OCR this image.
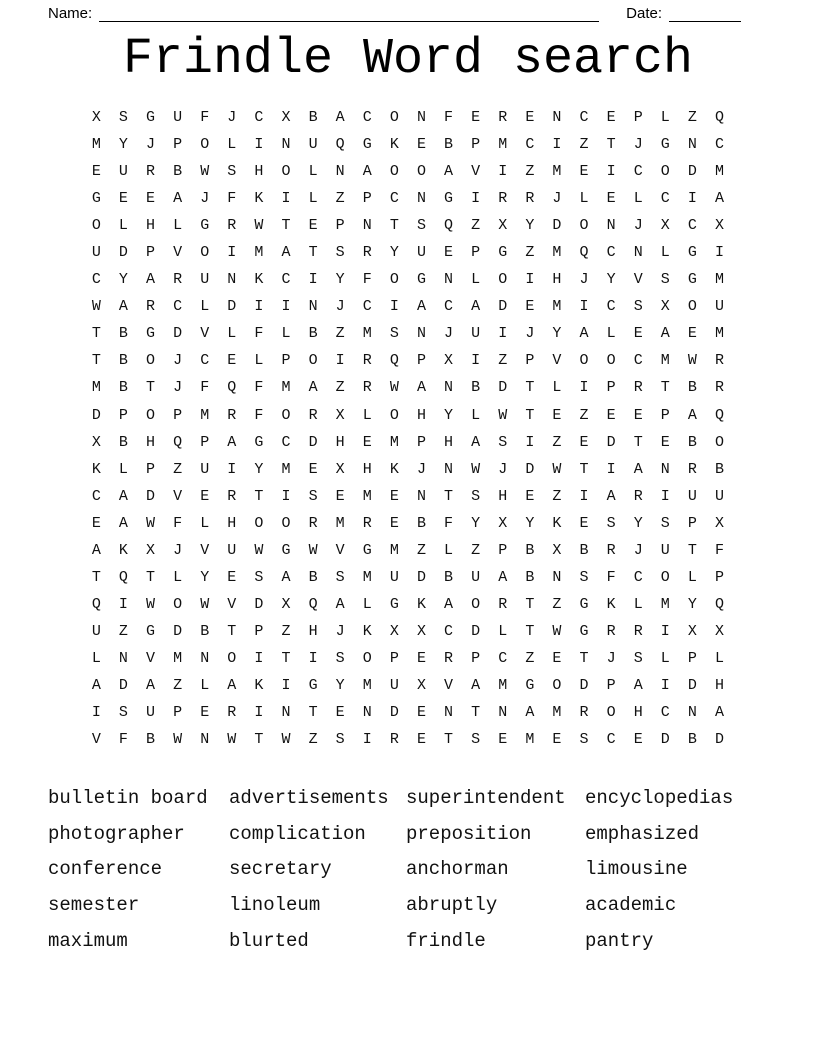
Name:	Date:
Frindle Word search
X	S	G	U	F	J	C	X	B	A	C	O	N	F	E	R	E	N	C	E	P	L	Z	Q
M	Y	J	P	O	L	I	N	U	Q	G	K	E	B	P	M	C	I	Z	T	J	G	N	C
E	U	R	B	W	S	H	O	L	N	A	O	O	A	V	I	Z	M	E	I	C	O	D	M
G	E	E	A	J	F	K	I	L	Z	P	C	N	G	I	R	R	J	L	E	L	C	I	A
O	L	H	L	G	R	W	T	E	P	N	T	S	Q	Z	X	Y	D	O	N	J	X	C	X
U	D	P	V	O	I	M	A	T	S	R	Y	U	E	P	G	Z	M	Q	C	N	L	G	I
C	Y	A	R	U	N	K	C	I	Y	F	O	G	N	L	O	I	H	J	Y	V	S	G	M
W	A	R	C	L	D	I	I	N	J	C	I	A	C	A	D	E	M	I	C	S	X	O	U
T	B	G	D	V	L	F	L	B	Z	M	S	N	J	U	I	J	Y	A	L	E	A	E	M
T	B	O	J	C	E	L	P	O	I	R	Q	P	X	I	Z	P	V	O	O	C	M	W	R
M	B	T	J	F	Q	F	M	A	Z	R	W	A	N	B	D	T	L	I	P	R	T	B	R
D	P	O	P	M	R	F	O	R	X	L	O	H	Y	L	W	T	E	Z	E	E	P	A	Q
X	B	H	Q	P	A	G	C	D	H	E	M	P	H	A	S	I	Z	E	D	T	E	B	O
K	L	P	Z	U	I	Y	M	E	X	H	K	J	N	W	J	D	W	T	I	A	N	R	B
C	A	D	V	E	R	T	I	S	E	M	E	N	T	S	H	E	Z	I	A	R	I	U	U
E	A	W	F	L	H	O	O	R	M	R	E	B	F	Y	X	Y	K	E	S	Y	S	P	X
A	K	X	J	V	U	W	G	W	V	G	M	Z	L	Z	P	B	X	B	R	J	U	T	F
T	Q	T	L	Y	E	S	A	B	S	M	U	D	B	U	A	B	N	S	F	C	O	L	P
Q	I	W	O	W	V	D	X	Q	A	L	G	K	A	O	R	T	Z	G	K	L	M	Y	Q
U	Z	G	D	B	T	P	Z	H	J	K	X	X	C	D	L	T	W	G	R	R	I	X	X
L	N	V	M	N	O	I	T	I	S	O	P	E	R	P	C	Z	E	T	J	S	L	P	L
A	D	A	Z	L	A	K	I	G	Y	M	U	X	V	A	M	G	O	D	P	A	I	D	H
I	S	U	P	E	R	I	N	T	E	N	D	E	N	T	N	A	M	R	O	H	C	N	A
V	F	B	W	N	W	T	W	Z	S	I	R	E	T	S	E	M	E	S	C	E	D	B	D
bulletin board
photographer
conference
semester
maximum
advertisements
complication
secretary
linoleum
blurted
superintendent
preposition
anchorman
abruptly
frindle
encyclopedias
emphasized
limousine
academic
pantry
